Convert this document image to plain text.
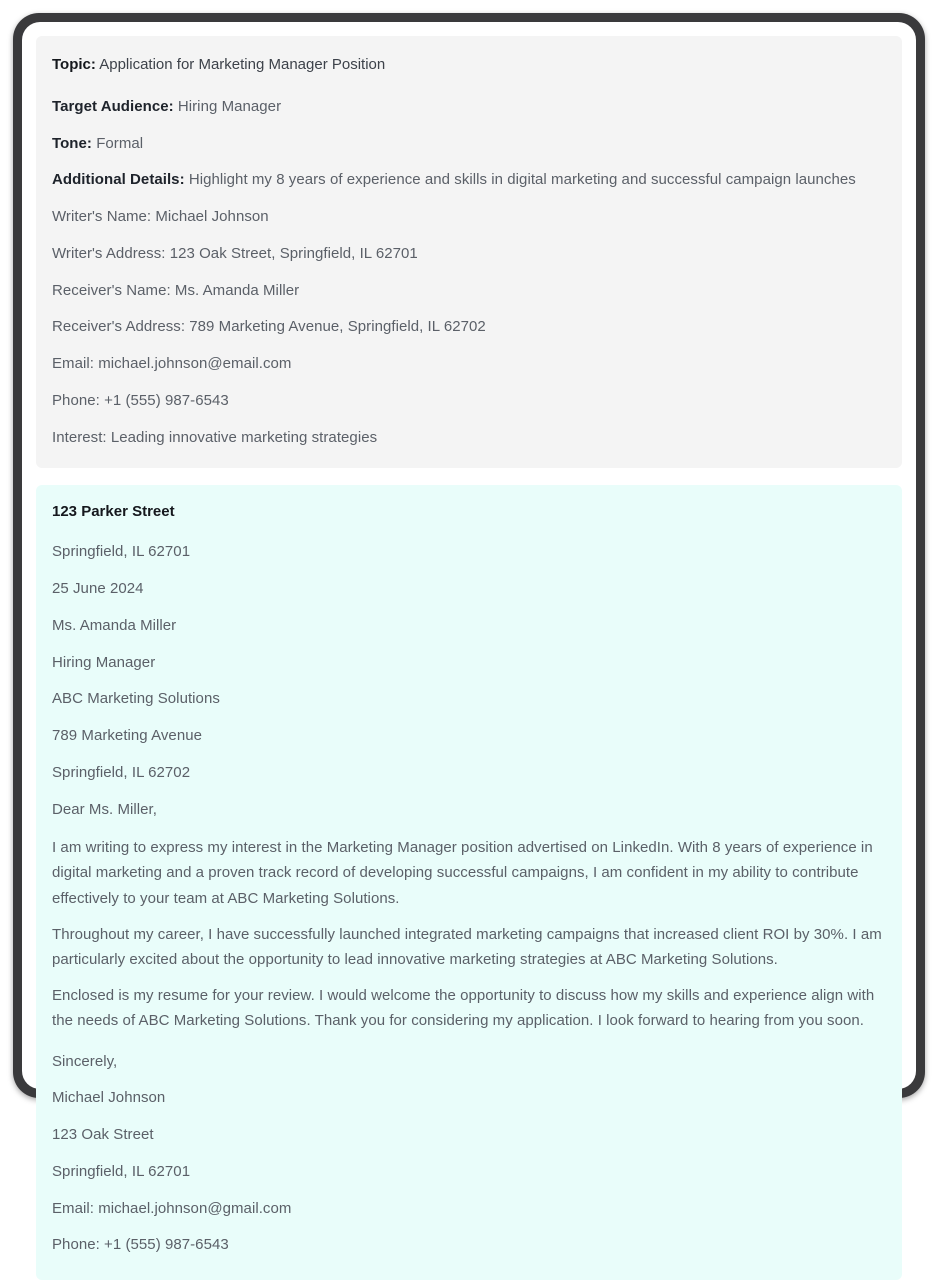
Topic: Application for Marketing Manager Position

Target Audience: Hiring Manager

Tone: Formal

Additional Details: Highlight my 8 years of experience and skills in digital marketing and successful campaign launches

Writer's Name: Michael Johnson

Writer's Address: 123 Oak Street, Springfield, IL 62701

Receiver's Name: Ms. Amanda Miller

Receiver's Address: 789 Marketing Avenue, Springfield, IL 62702

Email: michael.johnson@email.com

Phone: +1 (555) 987-6543

Interest: Leading innovative marketing strategies

123 Parker Street

Springfield, IL 62701

25 June 2024

Ms. Amanda Miller

Hiring Manager

ABC Marketing Solutions

789 Marketing Avenue

Springfield, IL 62702

Dear Ms. Miller,

I am writing to express my interest in the Marketing Manager position advertised on LinkedIn. With 8 years of experience in digital marketing and a proven track record of developing successful campaigns, I am confident in my ability to contribute effectively to your team at ABC Marketing Solutions.

Throughout my career, I have successfully launched integrated marketing campaigns that increased client ROI by 30%. I am particularly excited about the opportunity to lead innovative marketing strategies at ABC Marketing Solutions.

Enclosed is my resume for your review. I would welcome the opportunity to discuss how my skills and experience align with the needs of ABC Marketing Solutions. Thank you for considering my application. I look forward to hearing from you soon.

Sincerely,

Michael Johnson

123 Oak Street

Springfield, IL 62701

Email: michael.johnson@gmail.com

Phone: +1 (555) 987-6543
